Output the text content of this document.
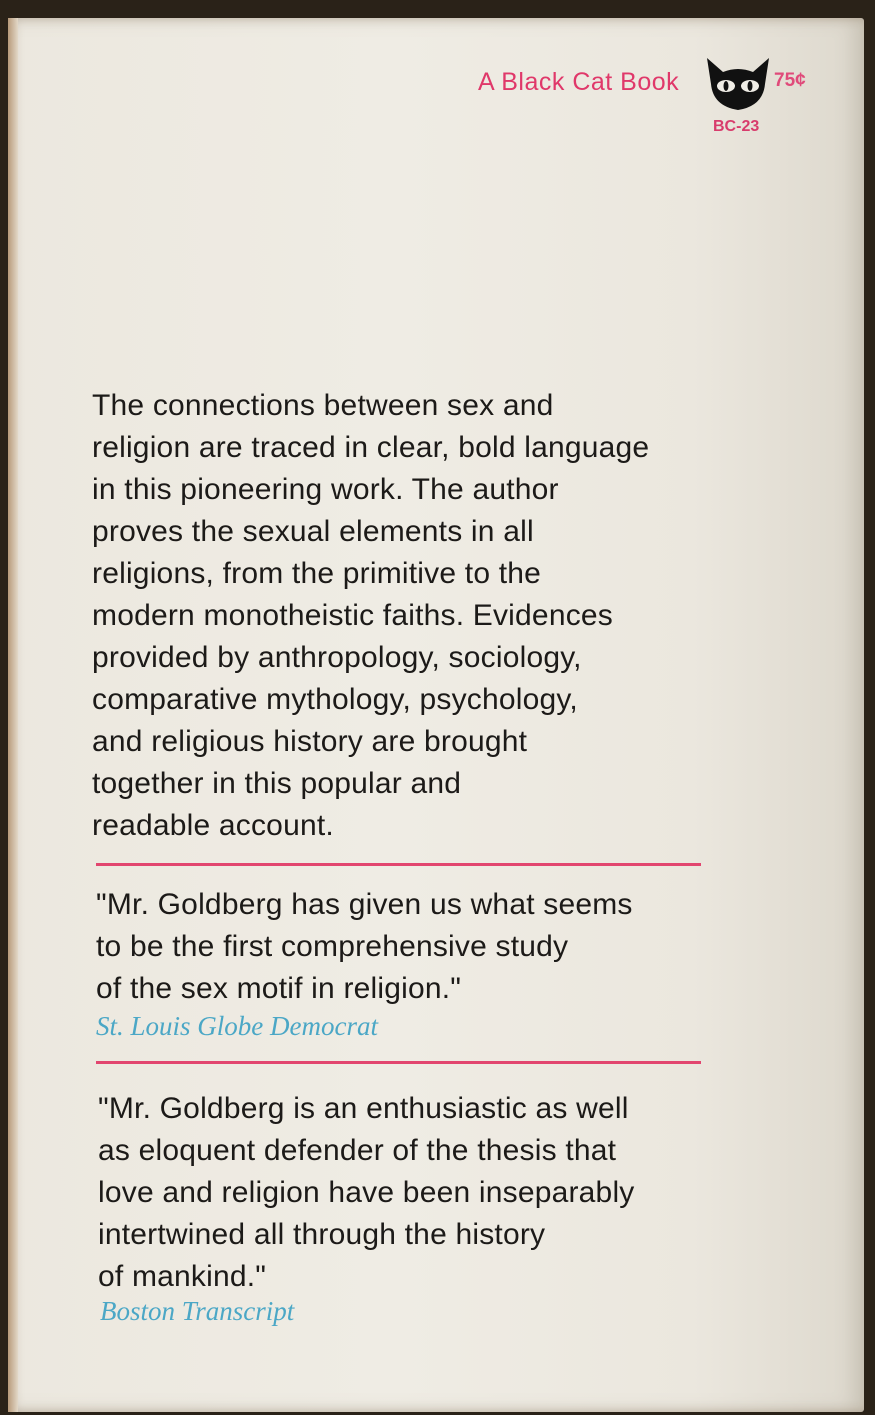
A Black Cat Book	75¢
BC-23

The connections between sex and
religion are traced in clear, bold language
in this pioneering work. The author
proves the sexual elements in all
religions, from the primitive to the
modern monotheistic faiths. Evidences
provided by anthropology, sociology,
comparative mythology, psychology,
and religious history are brought
together in this popular and
readable account.

"Mr. Goldberg has given us what seems
to be the first comprehensive study
of the sex motif in religion."

St. Louis Globe Democrat

"Mr. Goldberg is an enthusiastic as well
as eloquent defender of the thesis that
love and religion have been inseparably
intertwined all through the history
of mankind."

Boston Transcript
